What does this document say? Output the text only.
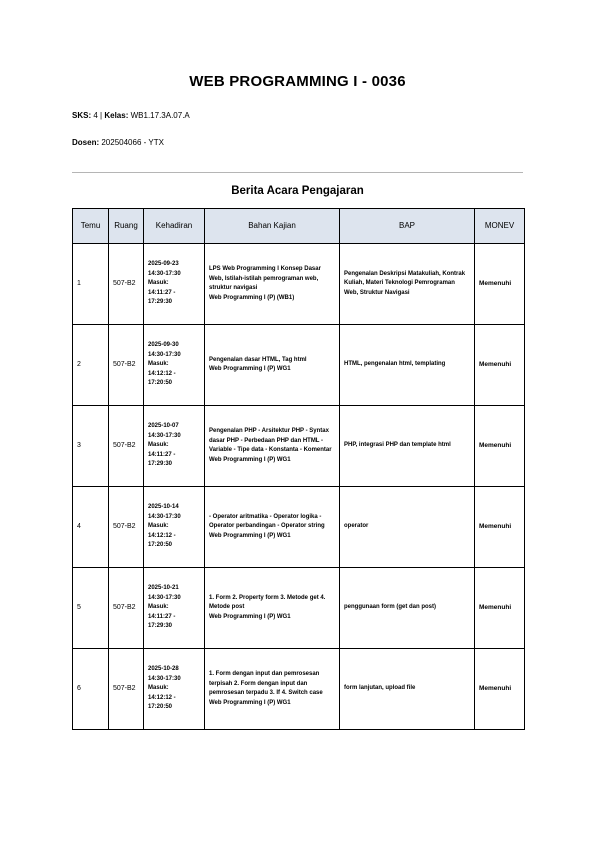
WEB PROGRAMMING I - 0036
SKS: 4 | Kelas: WB1.17.3A.07.A
Dosen: 202504066 - YTX
Berita Acara Pengajaran
Temu	Ruang	Kehadiran	Bahan Kajian	BAP	MONEV
1	507-B2	2025-09-23
14:30-17:30
Masuk:
14:11:27 -
17:29:30	LPS Web Programming I Konsep Dasar Web, Istilah-istilah pemrograman web, struktur navigasi
Web Programming I (P) (WB1)	Pengenalan Deskripsi Matakuliah, Kontrak Kuliah, Materi Teknologi Pemrograman Web, Struktur Navigasi	Memenuhi
2	507-B2	2025-09-30
14:30-17:30
Masuk:
14:12:12 -
17:20:50	Pengenalan dasar HTML, Tag html
Web Programming I (P) WG1	HTML, pengenalan html, templating	Memenuhi
3	507-B2	2025-10-07
14:30-17:30
Masuk:
14:11:27 -
17:29:30	Pengenalan PHP - Arsitektur PHP - Syntax dasar PHP - Perbedaan PHP dan HTML - Variable - Tipe data - Konstanta - Komentar
Web Programming I (P) WG1	PHP, integrasi PHP dan template html	Memenuhi
4	507-B2	2025-10-14
14:30-17:30
Masuk:
14:12:12 -
17:20:50	- Operator aritmatika - Operator logika - Operator perbandingan - Operator string
Web Programming I (P) WG1	operator	Memenuhi
5	507-B2	2025-10-21
14:30-17:30
Masuk:
14:11:27 -
17:29:30	1. Form 2. Property form 3. Metode get 4. Metode post
Web Programming I (P) WG1	penggunaan form (get dan post)	Memenuhi
6	507-B2	2025-10-28
14:30-17:30
Masuk:
14:12:12 -
17:20:50	1. Form dengan input dan pemrosesan terpisah 2. Form dengan input dan pemrosesan terpadu 3. If 4. Switch case
Web Programming I (P) WG1	form lanjutan, upload file	Memenuhi
